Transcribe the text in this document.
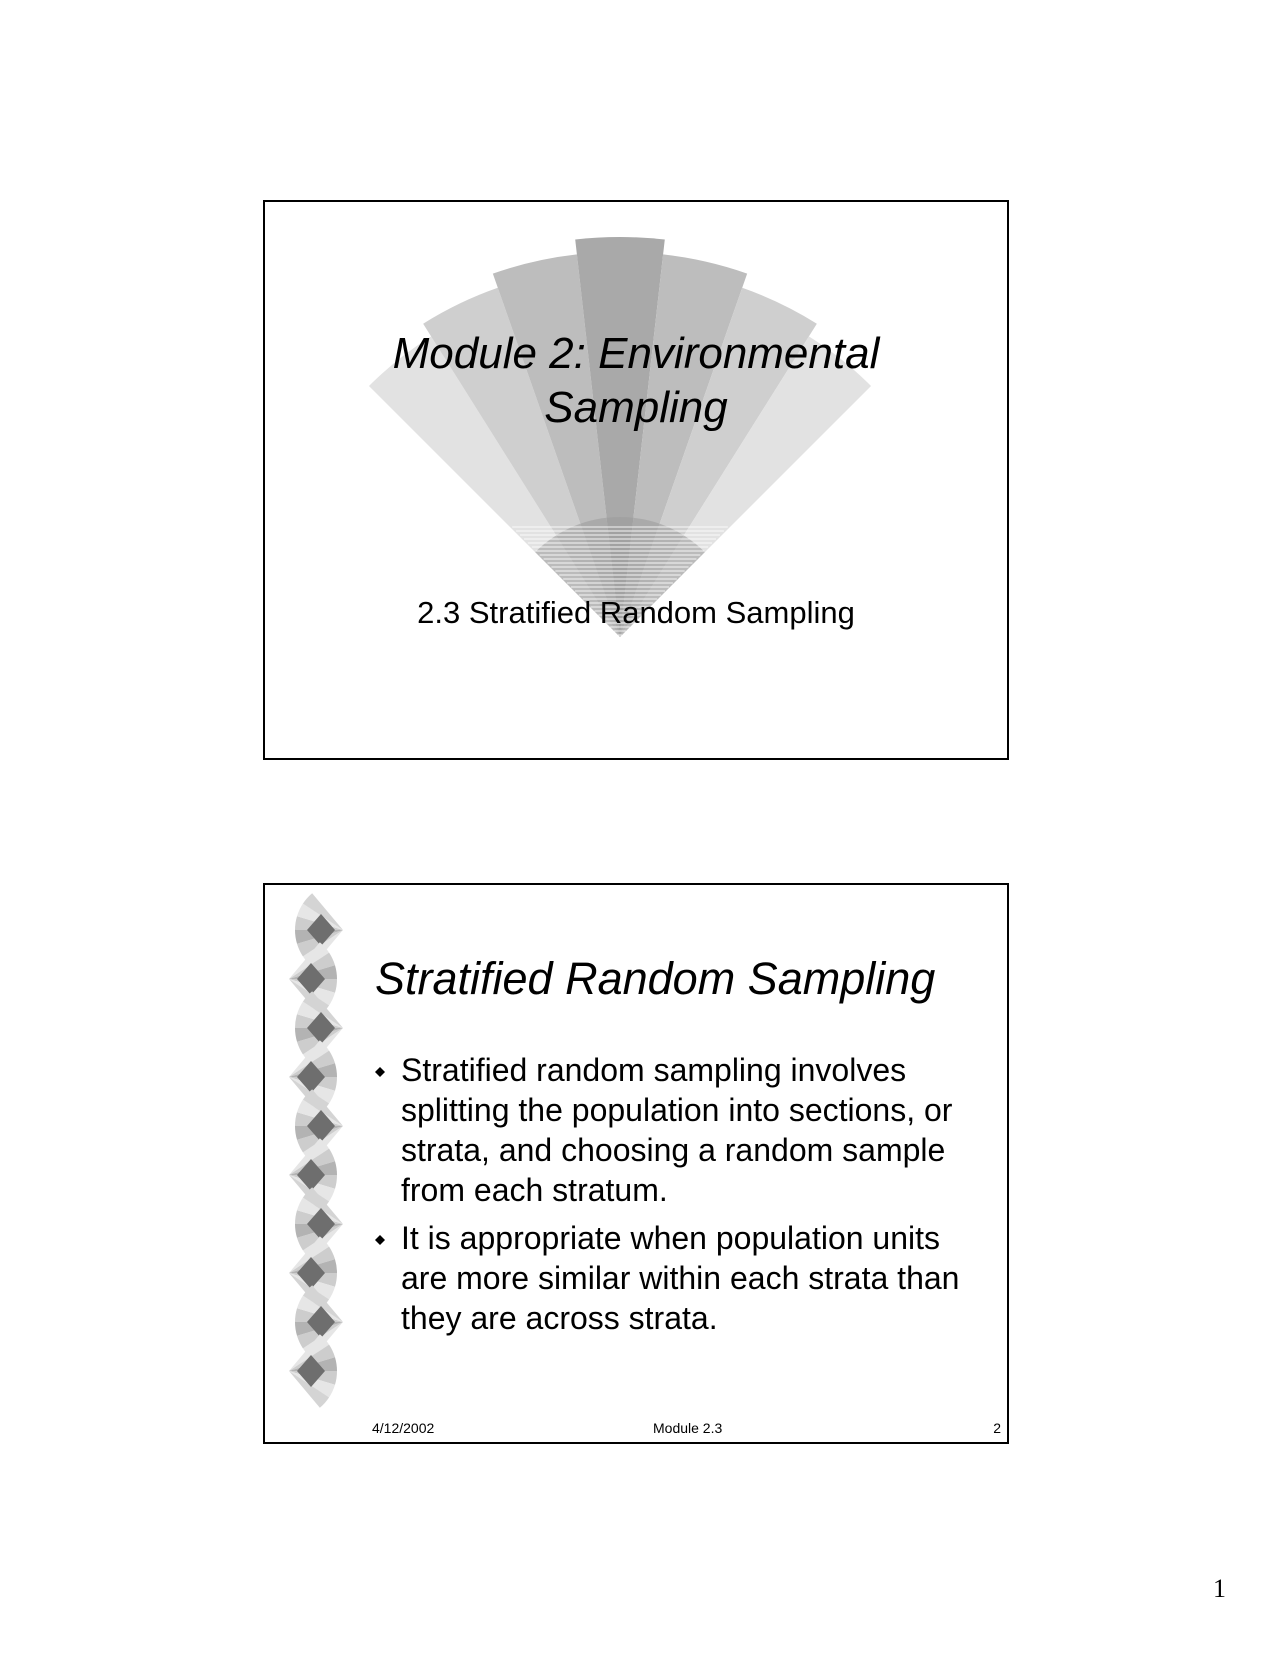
Module 2: Environmental
Sampling
2.3 Stratified Random Sampling
Stratified Random Sampling
Stratified random sampling involves splitting the population into sections, or strata, and choosing a random sample from each stratum.
It is appropriate when population units are more similar within each strata than they are across strata.
4/12/2002	Module 2.3	2
1
